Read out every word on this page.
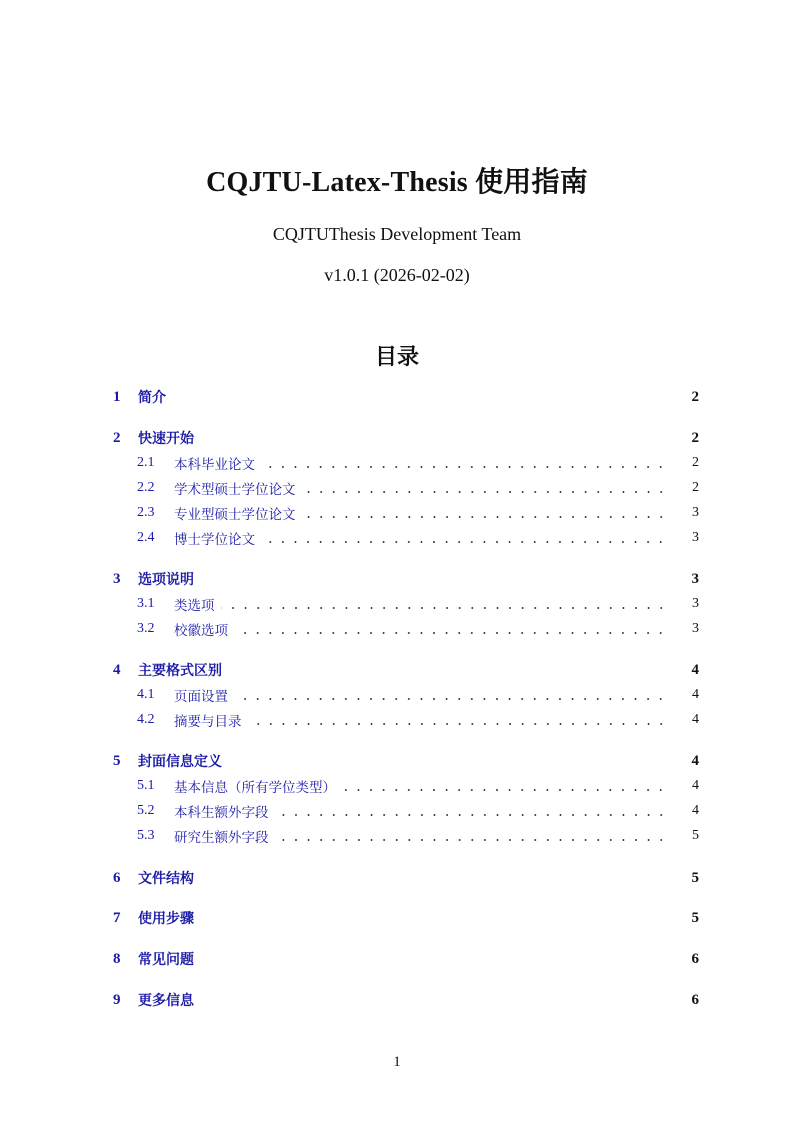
CQJTU-Latex-Thesis 使用指南
CQJTUThesis Development Team
v1.0.1 (2026-02-02)
目录
1	简介	2
2	快速开始	2
2.1	本科毕业论文	2
2.2	学术型硕士学位论文	2
2.3	专业型硕士学位论文	3
2.4	博士学位论文	3
3	选项说明	3
3.1	类选项	3
3.2	校徽选项	3
4	主要格式区别	4
4.1	页面设置	4
4.2	摘要与目录	4
5	封面信息定义	4
5.1	基本信息（所有学位类型）	4
5.2	本科生额外字段	4
5.3	研究生额外字段	5
6	文件结构	5
7	使用步骤	5
8	常见问题	6
9	更多信息	6
1
